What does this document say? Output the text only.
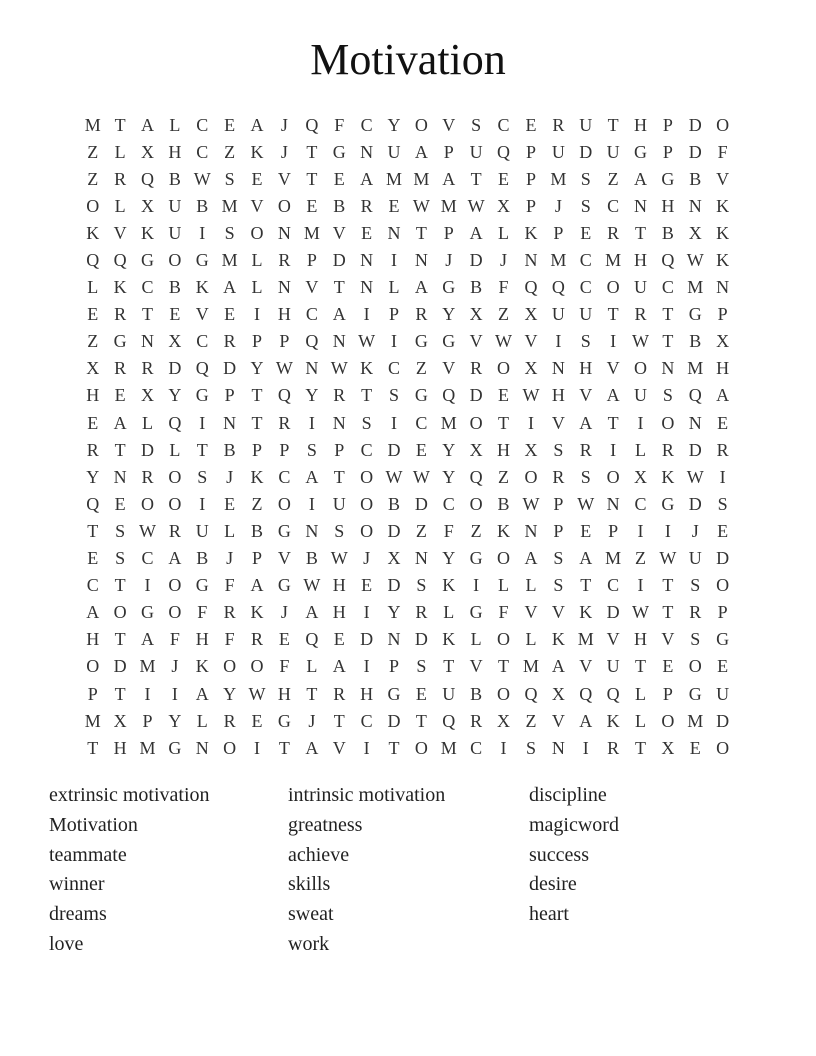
Motivation
M T A L C E A J Q F C Y O V S C E R U T H P D O
Z L X H C Z K J	T G N U A P U Q P U D U G P D F
Z R Q B W S E V T E A M M A T E P M S Z A G B V
O L X U B M V O E B R E W M W X P	J	S C N H N K
K V K U I	S O N M V E N T P A L K P E R T B X K
Q Q G O G M L R P D N I N J D J N M C M H Q W K
L K C B K A L N V T N L A G B F Q Q C O U C M N
E R T E V E	I H C A I	P R Y X Z X U U T R T G P
Z G N X C R P P Q N W I G G V W V I	S	I W T B X
X R R D Q D Y W N W K C Z V R O X N H V O N M H
H E X Y G P T Q Y R T S G Q D E W H V A U S Q A
E A L Q I N T R	I N S	I	C M O T	I V A T	I O N E
R T D L T B P P S P C D E Y X H X S R	I	L R D R
Y N R O S	J K C A T O W W Y Q Z O R S O X K W I
Q E O O I	E Z O I U O B D C O B W P W N C G D S
T S W R U L B G N S O D Z F Z K N P E P	I	I	J	E
E S C A B J	P V B W J X N Y G O A S A M Z W U D
C T	I O G F A G W H E D S K I	L L S T C	I	T S O
A O G O F R K J A H I Y R L G F V V K D W T R P
H T A F H F R E Q E D N D K L O L K M V H V S G
O D M J K O O F L A I	P S T V T M A V U T E O E
P T	I	I A Y W H T R H G E U B O Q X Q Q L P G U
M X P Y L R E G J	T C D T Q R X Z V A K L O M D
T H M G N O I	T A V I	T O M C	I	S N I	R T X E O
extrinsic motivation
Motivation
teammate
winner
dreams
love
intrinsic motivation
greatness
achieve
skills
sweat
work
discipline
magicword
success
desire
heart
